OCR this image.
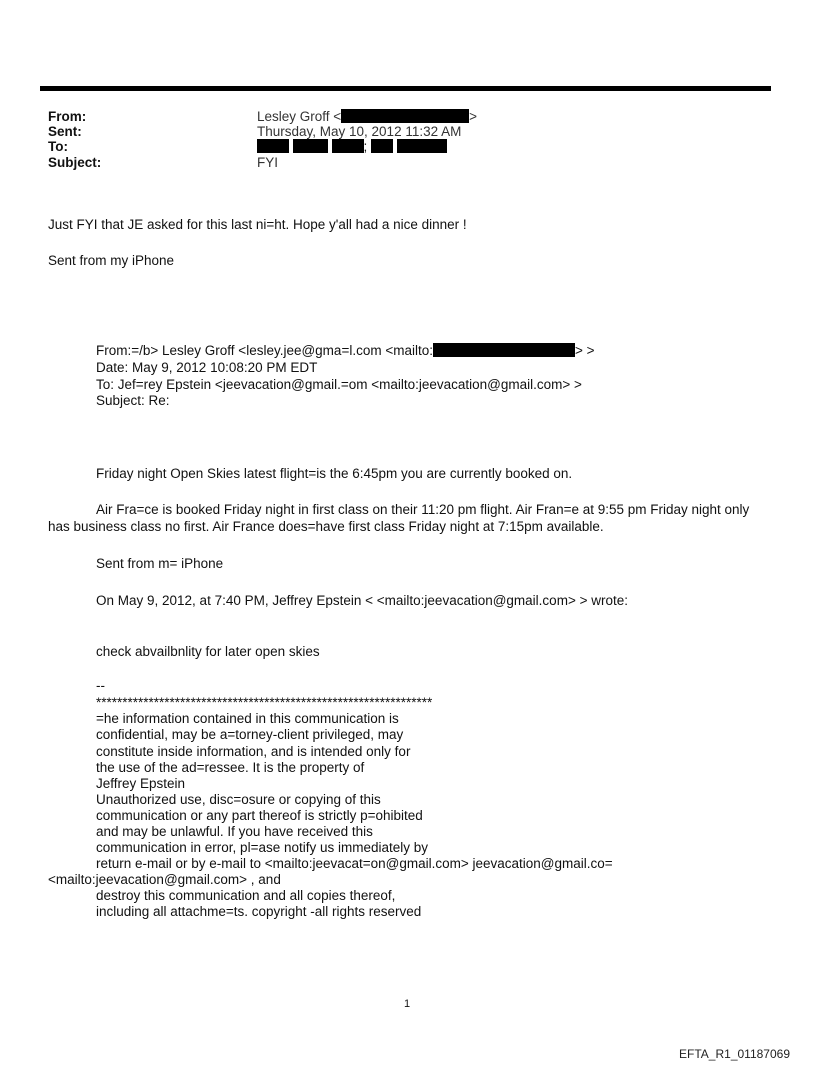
From:
Sent:
To:
Subject:
Lesley Groff <	>
Thursday, May 10, 2012 11:32 AM
;
FYI
Just FYI that JE asked for this last ni=ht. Hope y'all had a nice dinner !
Sent from my iPhone
From:=/b> Lesley Groff <lesley.jee@gma=l.com <mailto:	> >
Date: May 9, 2012 10:08:20 PM EDT
To: Jef=rey Epstein <jeevacation@gmail.=om <mailto:jeevacation@gmail.com> >
Subject: Re:
Friday night Open Skies latest flight=is the 6:45pm you are currently booked on.
Air Fra=ce is booked Friday night in first class on their 11:20 pm flight. Air Fran=e at 9:55 pm Friday night only
has business class no first. Air France does=have first class Friday night at 7:15pm available.
Sent from m= iPhone
On May 9, 2012, at 7:40 PM, Jeffrey Epstein < <mailto:jeevacation@gmail.com> > wrote:
check abvailbnlity for later open skies
--
****************************************************************
=he information contained in this communication is
confidential, may be a=torney-client privileged, may
constitute inside information, and is intended only for
the use of the ad=ressee. It is the property of
Jeffrey Epstein
Unauthorized use, disc=osure or copying of this
communication or any part thereof is strictly p=ohibited
and may be unlawful. If you have received this
communication in error, pl=ase notify us immediately by
return e-mail or by e-mail to <mailto:jeevacat=on@gmail.com> jeevacation@gmail.co=
<mailto:jeevacation@gmail.com> , and
destroy this communication and all copies thereof,
including all attachme=ts. copyright -all rights reserved
1
EFTA_R1_01187069
